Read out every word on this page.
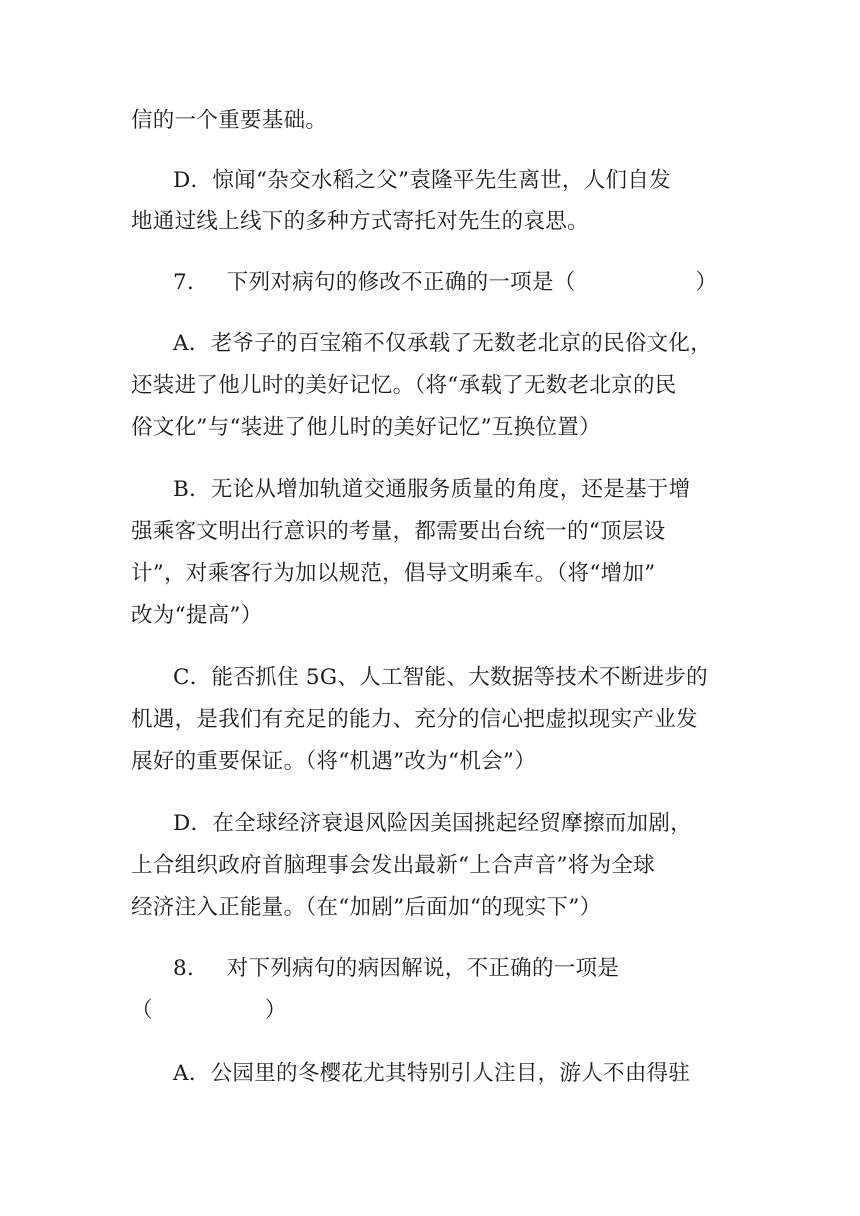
信的一个重要基础。
D．惊闻“杂交水稻之父”袁隆平先生离世，人们自发
地通过线上线下的多种方式寄托对先生的哀思。
7． 下列对病句的修改不正确的一项是（	）
A．老爷子的百宝箱不仅承载了无数老北京的民俗文化，
还装进了他儿时的美好记忆。（将“承载了无数老北京的民
俗文化”与“装进了他儿时的美好记忆”互换位置）
B．无论从增加轨道交通服务质量的角度，还是基于增
强乘客文明出行意识的考量，都需要出台统一的“顶层设
计”，对乘客行为加以规范，倡导文明乘车。（将“增加”
改为“提高”）
C．能否抓住 5G、人工智能、大数据等技术不断进步的
机遇，是我们有充足的能力、充分的信心把虚拟现实产业发
展好的重要保证。（将“机遇”改为“机会”）
D．在全球经济衰退风险因美国挑起经贸摩擦而加剧，
上合组织政府首脑理事会发出最新“上合声音”将为全球
经济注入正能量。（在“加剧”后面加“的现实下”）
8． 对下列病句的病因解说，不正确的一项是
（	）
A．公园里的冬樱花尤其特别引人注目，游人不由得驻
